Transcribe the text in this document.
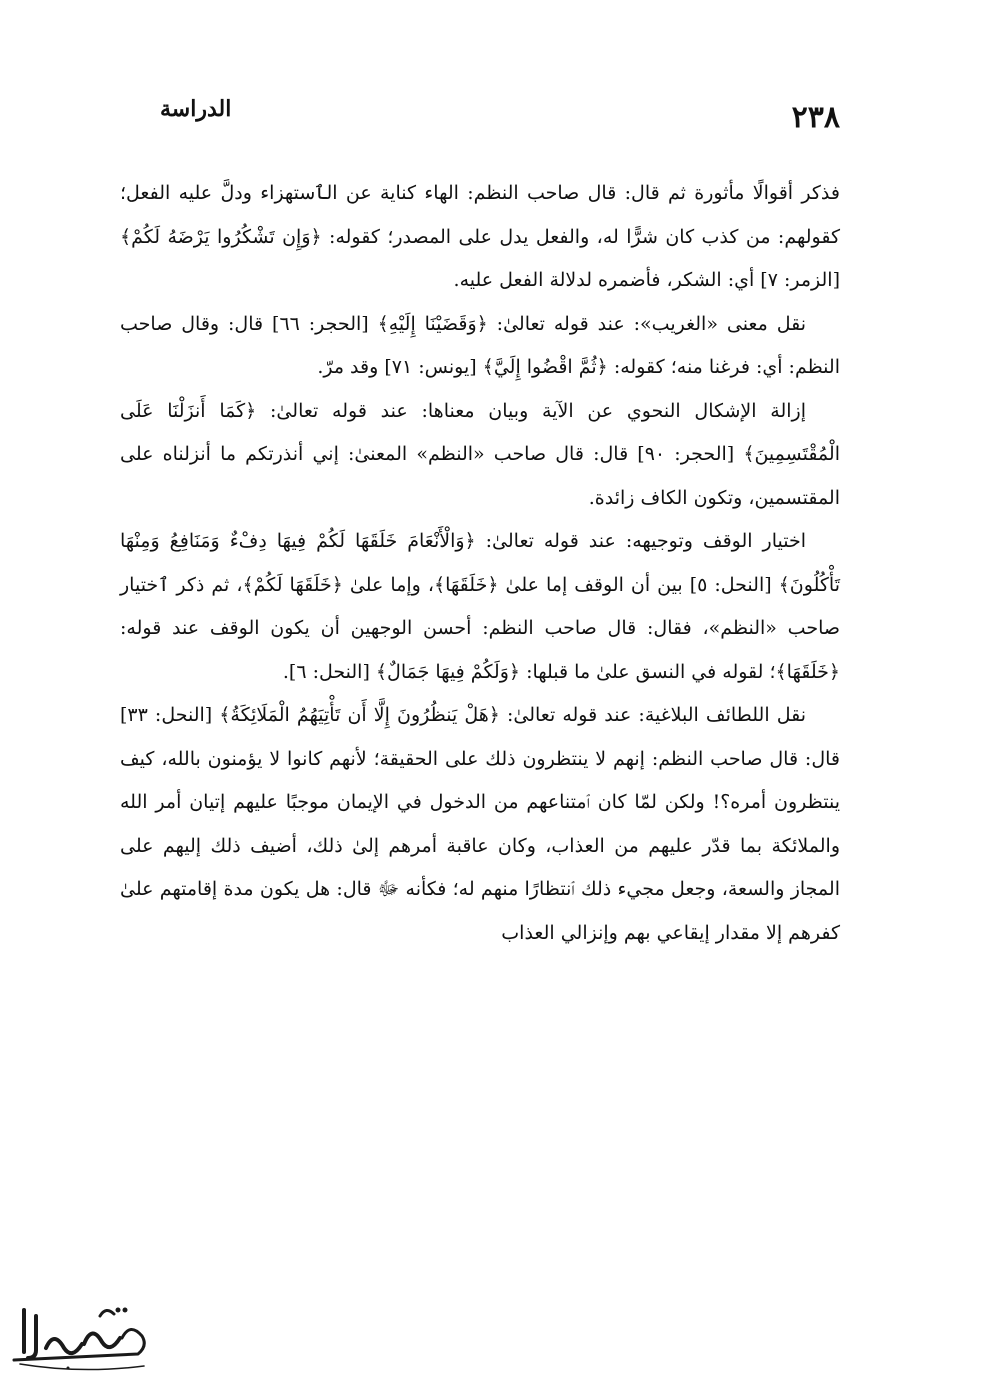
٢٣٨
الدراسة

فذكر أقوالًا مأثورة ثم قال: قال صاحب النظم: الهاء كناية عن الٱستهزاء ودلَّ عليه الفعل؛ كقولهم: من كذب كان شرًّا له، والفعل يدل على المصدر؛ كقوله: ﴿وَإِن تَشْكُرُوا يَرْضَهُ لَكُمْ﴾ [الزمر: ٧] أي: الشكر، فأضمره لدلالة الفعل عليه.

نقل معنى «الغريب»: عند قوله تعالىٰ: ﴿وَقَضَيْنَا إِلَيْهِ﴾ [الحجر: ٦٦] قال: وقال صاحب النظم: أي: فرغنا منه؛ كقوله: ﴿ثُمَّ اقْضُوا إِلَيَّ﴾ [يونس: ٧١] وقد مرّ.

إزالة الإشكال النحوي عن الآية وبيان معناها: عند قوله تعالىٰ: ﴿كَمَا أَنزَلْنَا عَلَى الْمُقْتَسِمِينَ﴾ [الحجر: ٩٠] قال: قال صاحب «النظم» المعنىٰ: إني أنذرتكم ما أنزلناه على المقتسمين، وتكون الكاف زائدة.

اختيار الوقف وتوجيهه: عند قوله تعالىٰ: ﴿وَالْأَنْعَامَ خَلَقَهَا لَكُمْ فِيهَا دِفْءٌ وَمَنَافِعُ وَمِنْهَا تَأْكُلُونَ﴾ [النحل: ٥] بين أن الوقف إما علىٰ ﴿خَلَقَهَا﴾، وإما علىٰ ﴿خَلَقَهَا لَكُمْ﴾، ثم ذكر ٱختيار صاحب «النظم»، فقال: قال صاحب النظم: أحسن الوجهين أن يكون الوقف عند قوله: ﴿خَلَقَهَا﴾؛ لقوله في النسق علىٰ ما قبلها: ﴿وَلَكُمْ فِيهَا جَمَالٌ﴾ [النحل: ٦].

نقل اللطائف البلاغية: عند قوله تعالىٰ: ﴿هَلْ يَنظُرُونَ إِلَّا أَن تَأْتِيَهُمُ الْمَلَائِكَةُ﴾ [النحل: ٣٣] قال: قال صاحب النظم: إنهم لا ينتظرون ذلك على الحقيقة؛ لأنهم كانوا لا يؤمنون بالله، كيف ينتظرون أمره؟! ولكن لمّا كان ٱمتناعهم من الدخول في الإيمان موجبًا عليهم إتيان أمر الله والملائكة بما قدّر عليهم من العذاب، وكان عاقبة أمرهم إلىٰ ذلك، أضيف ذلك إليهم على المجاز والسعة، وجعل مجيء ذلك ٱنتظارًا منهم له؛ فكأنه ﷻ قال: هل يكون مدة إقامتهم علىٰ كفرهم إلا مقدار إيقاعي بهم وإنزالي العذاب
